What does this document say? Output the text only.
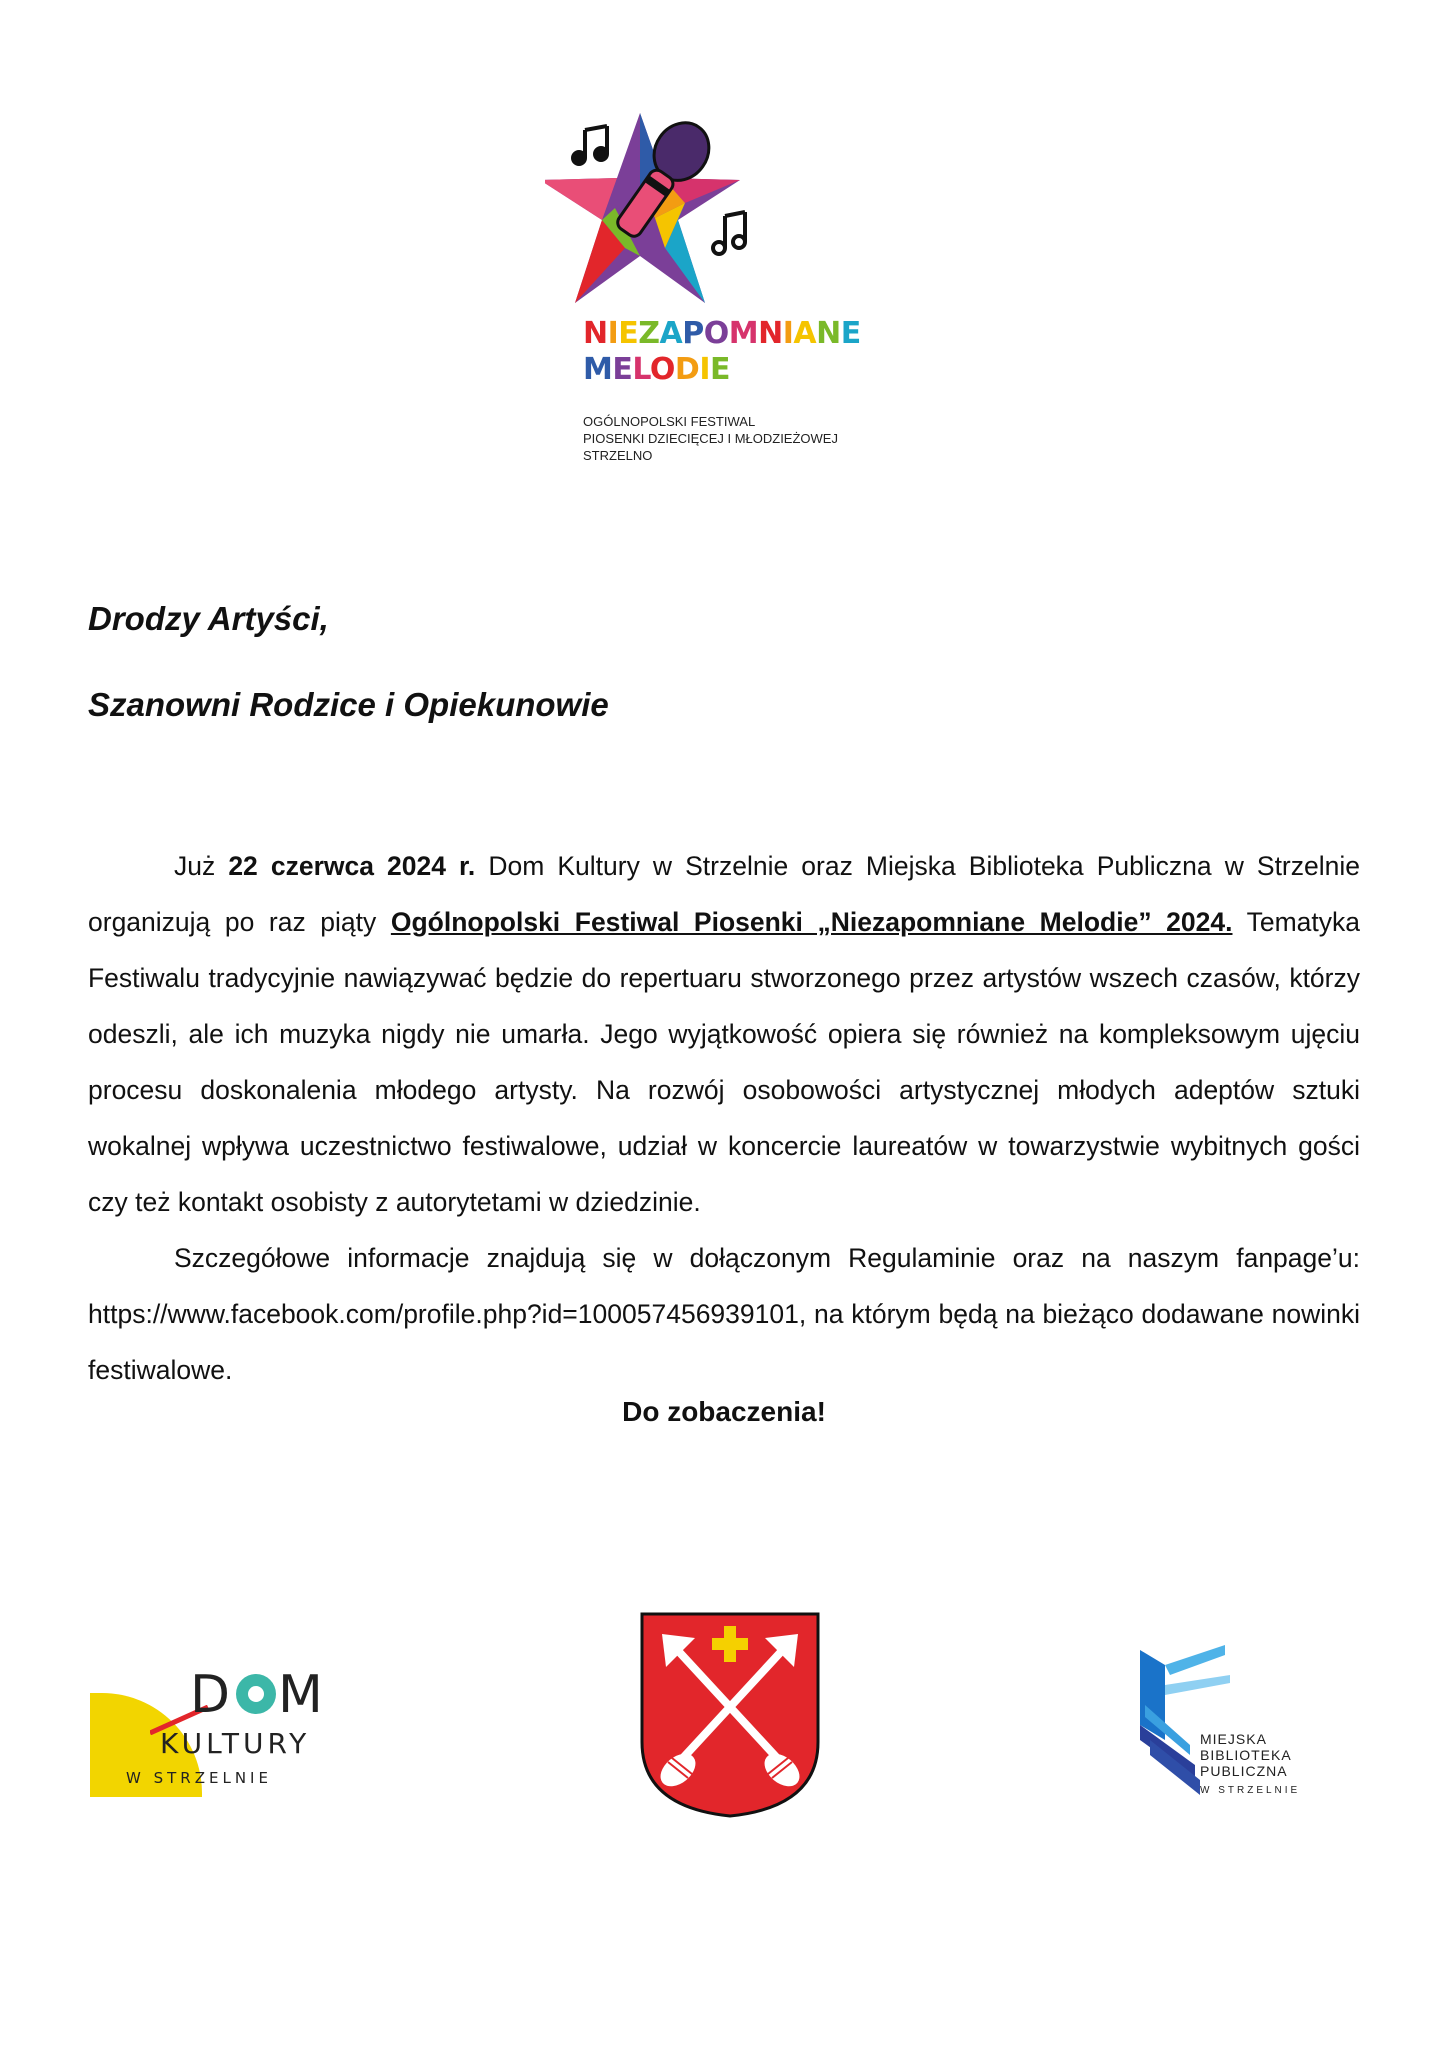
NIEZAPOMNIANE
MELODIE
OGÓLNOPOLSKI FESTIWAL
PIOSENKI DZIECIĘCEJ I MŁODZIEŻOWEJ
STRZELNO
Drodzy Artyści,
Szanowni Rodzice i Opiekunowie

Już 22 czerwca 2024 r. Dom Kultury w Strzelnie oraz Miejska Biblioteka Publiczna w Strzelnie organizują po raz piąty Ogólnopolski Festiwal Piosenki „Niezapomniane Melodie” 2024. Tematyka Festiwalu tradycyjnie nawiązywać będzie do repertuaru stworzonego przez artystów wszech czasów, którzy odeszli, ale ich muzyka nigdy nie umarła. Jego wyjątkowość opiera się również na kompleksowym ujęciu procesu doskonalenia młodego artysty. Na rozwój osobowości artystycznej młodych adeptów sztuki wokalnej wpływa uczestnictwo festiwalowe, udział w koncercie laureatów w towarzystwie wybitnych gości czy też kontakt osobisty z autorytetami w dziedzinie.

Szczegółowe informacje znajdują się w dołączonym Regulaminie oraz na naszym fanpage’u: https://www.facebook.com/profile.php?id=100057456939101, na którym będą na bieżąco dodawane nowinki festiwalowe.

Do zobaczenia!
D M
KULTURY
W STRZELNIE
MIEJSKA
BIBLIOTEKA
PUBLICZNA
W STRZELNIE
